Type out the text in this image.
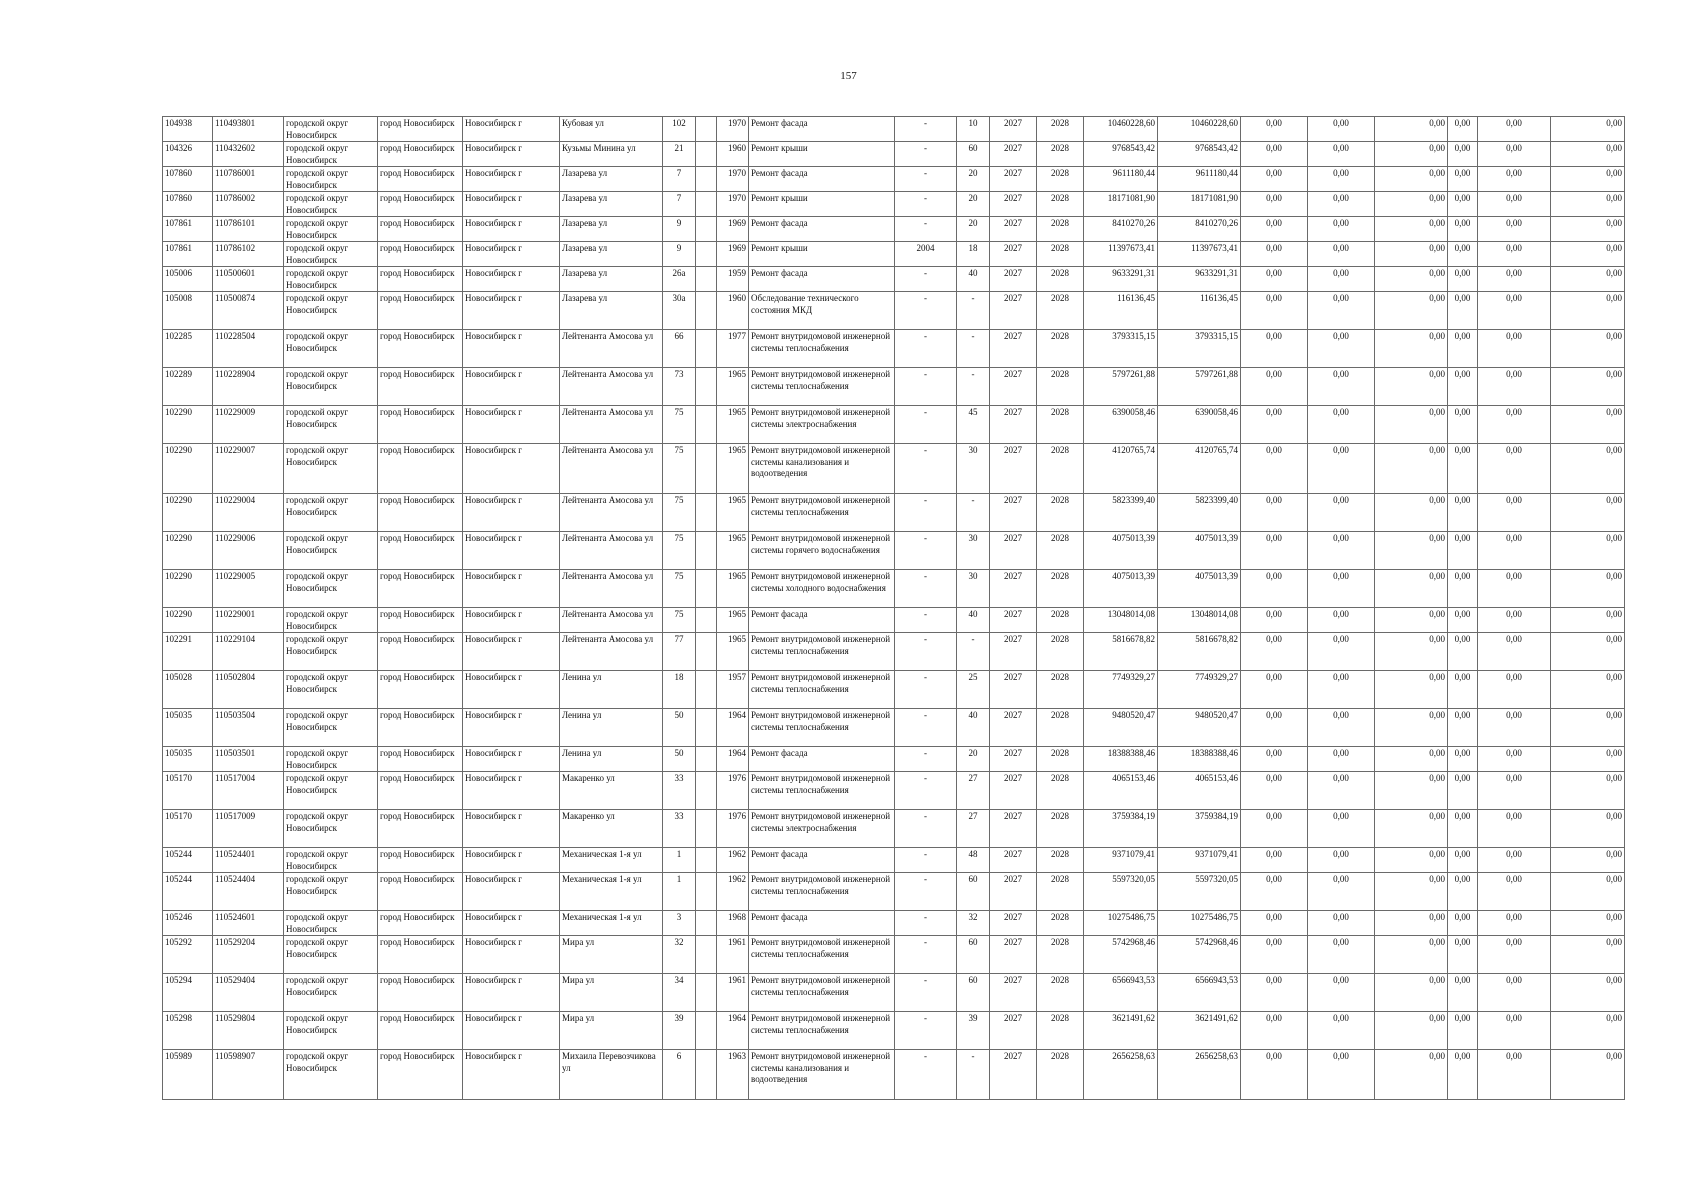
157
104938	110493801	городской округ Новосибирск	город Новосибирск	Новосибирск г	Кубовая ул	102		1970	Ремонт фасада	-	10	2027	2028	10460228,60	10460228,60	0,00	0,00	0,00	0,00	0,00	0,00
104326	110432602	городской округ Новосибирск	город Новосибирск	Новосибирск г	Кузьмы Минина ул	21		1960	Ремонт крыши	-	60	2027	2028	9768543,42	9768543,42	0,00	0,00	0,00	0,00	0,00	0,00
107860	110786001	городской округ Новосибирск	город Новосибирск	Новосибирск г	Лазарева ул	7		1970	Ремонт фасада	-	20	2027	2028	9611180,44	9611180,44	0,00	0,00	0,00	0,00	0,00	0,00
107860	110786002	городской округ Новосибирск	город Новосибирск	Новосибирск г	Лазарева ул	7		1970	Ремонт крыши	-	20	2027	2028	18171081,90	18171081,90	0,00	0,00	0,00	0,00	0,00	0,00
107861	110786101	городской округ Новосибирск	город Новосибирск	Новосибирск г	Лазарева ул	9		1969	Ремонт фасада	-	20	2027	2028	8410270,26	8410270,26	0,00	0,00	0,00	0,00	0,00	0,00
107861	110786102	городской округ Новосибирск	город Новосибирск	Новосибирск г	Лазарева ул	9		1969	Ремонт крыши	2004	18	2027	2028	11397673,41	11397673,41	0,00	0,00	0,00	0,00	0,00	0,00
105006	110500601	городской округ Новосибирск	город Новосибирск	Новосибирск г	Лазарева ул	26а		1959	Ремонт фасада	-	40	2027	2028	9633291,31	9633291,31	0,00	0,00	0,00	0,00	0,00	0,00
105008	110500874	городской округ Новосибирск	город Новосибирск	Новосибирск г	Лазарева ул	30а		1960	Обследование технического состояния МКД	-	-	2027	2028	116136,45	116136,45	0,00	0,00	0,00	0,00	0,00	0,00
102285	110228504	городской округ Новосибирск	город Новосибирск	Новосибирск г	Лейтенанта Амосова ул	66		1977	Ремонт внутридомовой инженерной системы теплоснабжения	-	-	2027	2028	3793315,15	3793315,15	0,00	0,00	0,00	0,00	0,00	0,00
102289	110228904	городской округ Новосибирск	город Новосибирск	Новосибирск г	Лейтенанта Амосова ул	73		1965	Ремонт внутридомовой инженерной системы теплоснабжения	-	-	2027	2028	5797261,88	5797261,88	0,00	0,00	0,00	0,00	0,00	0,00
102290	110229009	городской округ Новосибирск	город Новосибирск	Новосибирск г	Лейтенанта Амосова ул	75		1965	Ремонт внутридомовой инженерной системы электроснабжения	-	45	2027	2028	6390058,46	6390058,46	0,00	0,00	0,00	0,00	0,00	0,00
102290	110229007	городской округ Новосибирск	город Новосибирск	Новосибирск г	Лейтенанта Амосова ул	75		1965	Ремонт внутридомовой инженерной системы канализования и водоотведения	-	30	2027	2028	4120765,74	4120765,74	0,00	0,00	0,00	0,00	0,00	0,00
102290	110229004	городской округ Новосибирск	город Новосибирск	Новосибирск г	Лейтенанта Амосова ул	75		1965	Ремонт внутридомовой инженерной системы теплоснабжения	-	-	2027	2028	5823399,40	5823399,40	0,00	0,00	0,00	0,00	0,00	0,00
102290	110229006	городской округ Новосибирск	город Новосибирск	Новосибирск г	Лейтенанта Амосова ул	75		1965	Ремонт внутридомовой инженерной системы горячего водоснабжения	-	30	2027	2028	4075013,39	4075013,39	0,00	0,00	0,00	0,00	0,00	0,00
102290	110229005	городской округ Новосибирск	город Новосибирск	Новосибирск г	Лейтенанта Амосова ул	75		1965	Ремонт внутридомовой инженерной системы холодного водоснабжения	-	30	2027	2028	4075013,39	4075013,39	0,00	0,00	0,00	0,00	0,00	0,00
102290	110229001	городской округ Новосибирск	город Новосибирск	Новосибирск г	Лейтенанта Амосова ул	75		1965	Ремонт фасада	-	40	2027	2028	13048014,08	13048014,08	0,00	0,00	0,00	0,00	0,00	0,00
102291	110229104	городской округ Новосибирск	город Новосибирск	Новосибирск г	Лейтенанта Амосова ул	77		1965	Ремонт внутридомовой инженерной системы теплоснабжения	-	-	2027	2028	5816678,82	5816678,82	0,00	0,00	0,00	0,00	0,00	0,00
105028	110502804	городской округ Новосибирск	город Новосибирск	Новосибирск г	Ленина ул	18		1957	Ремонт внутридомовой инженерной системы теплоснабжения	-	25	2027	2028	7749329,27	7749329,27	0,00	0,00	0,00	0,00	0,00	0,00
105035	110503504	городской округ Новосибирск	город Новосибирск	Новосибирск г	Ленина ул	50		1964	Ремонт внутридомовой инженерной системы теплоснабжения	-	40	2027	2028	9480520,47	9480520,47	0,00	0,00	0,00	0,00	0,00	0,00
105035	110503501	городской округ Новосибирск	город Новосибирск	Новосибирск г	Ленина ул	50		1964	Ремонт фасада	-	20	2027	2028	18388388,46	18388388,46	0,00	0,00	0,00	0,00	0,00	0,00
105170	110517004	городской округ Новосибирск	город Новосибирск	Новосибирск г	Макаренко ул	33		1976	Ремонт внутридомовой инженерной системы теплоснабжения	-	27	2027	2028	4065153,46	4065153,46	0,00	0,00	0,00	0,00	0,00	0,00
105170	110517009	городской округ Новосибирск	город Новосибирск	Новосибирск г	Макаренко ул	33		1976	Ремонт внутридомовой инженерной системы электроснабжения	-	27	2027	2028	3759384,19	3759384,19	0,00	0,00	0,00	0,00	0,00	0,00
105244	110524401	городской округ Новосибирск	город Новосибирск	Новосибирск г	Механическая 1-я ул	1		1962	Ремонт фасада	-	48	2027	2028	9371079,41	9371079,41	0,00	0,00	0,00	0,00	0,00	0,00
105244	110524404	городской округ Новосибирск	город Новосибирск	Новосибирск г	Механическая 1-я ул	1		1962	Ремонт внутридомовой инженерной системы теплоснабжения	-	60	2027	2028	5597320,05	5597320,05	0,00	0,00	0,00	0,00	0,00	0,00
105246	110524601	городской округ Новосибирск	город Новосибирск	Новосибирск г	Механическая 1-я ул	3		1968	Ремонт фасада	-	32	2027	2028	10275486,75	10275486,75	0,00	0,00	0,00	0,00	0,00	0,00
105292	110529204	городской округ Новосибирск	город Новосибирск	Новосибирск г	Мира ул	32		1961	Ремонт внутридомовой инженерной системы теплоснабжения	-	60	2027	2028	5742968,46	5742968,46	0,00	0,00	0,00	0,00	0,00	0,00
105294	110529404	городской округ Новосибирск	город Новосибирск	Новосибирск г	Мира ул	34		1961	Ремонт внутридомовой инженерной системы теплоснабжения	-	60	2027	2028	6566943,53	6566943,53	0,00	0,00	0,00	0,00	0,00	0,00
105298	110529804	городской округ Новосибирск	город Новосибирск	Новосибирск г	Мира ул	39		1964	Ремонт внутридомовой инженерной системы теплоснабжения	-	39	2027	2028	3621491,62	3621491,62	0,00	0,00	0,00	0,00	0,00	0,00
105989	110598907	городской округ Новосибирск	город Новосибирск	Новосибирск г	Михаила Перевозчикова ул	6		1963	Ремонт внутридомовой инженерной системы канализования и водоотведения	-	-	2027	2028	2656258,63	2656258,63	0,00	0,00	0,00	0,00	0,00	0,00
